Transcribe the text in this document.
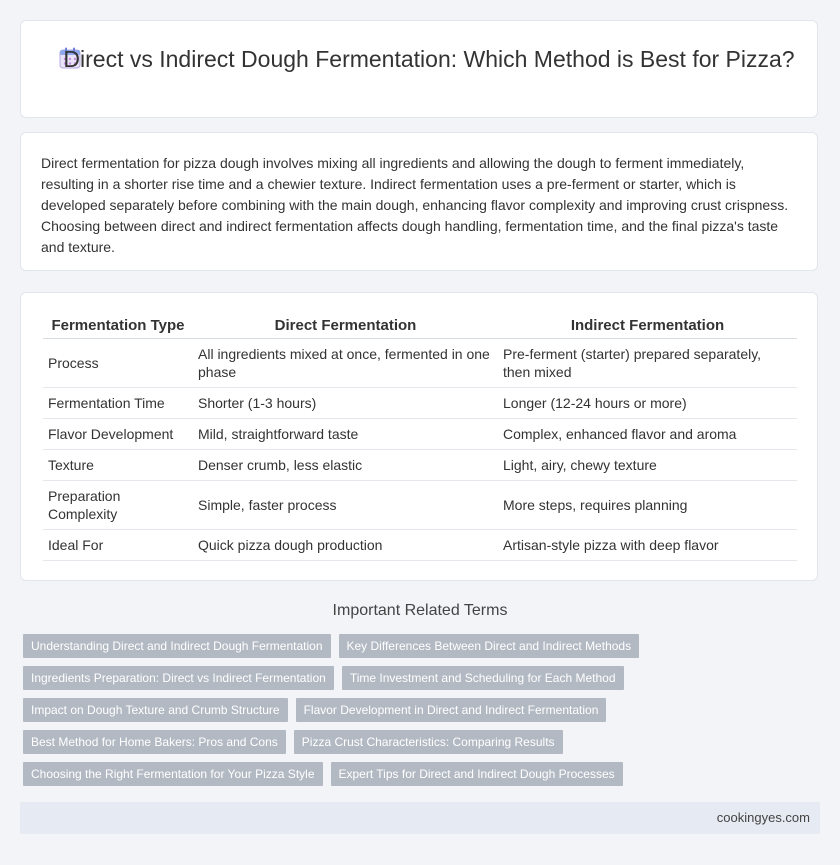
Direct vs Indirect Dough Fermentation: Which Method is Best for Pizza?

Direct fermentation for pizza dough involves mixing all ingredients and allowing the dough to ferment immediately, resulting in a shorter rise time and a chewier texture. Indirect fermentation uses a pre-ferment or starter, which is developed separately before combining with the main dough, enhancing flavor complexity and improving crust crispness. Choosing between direct and indirect fermentation affects dough handling, fermentation time, and the final pizza's taste and texture.

Fermentation Type	Direct Fermentation	Indirect Fermentation
Process	All ingredients mixed at once, fermented in one phase	Pre-ferment (starter) prepared separately, then mixed
Fermentation Time	Shorter (1-3 hours)	Longer (12-24 hours or more)
Flavor Development	Mild, straightforward taste	Complex, enhanced flavor and aroma
Texture	Denser crumb, less elastic	Light, airy, chewy texture
Preparation Complexity	Simple, faster process	More steps, requires planning
Ideal For	Quick pizza dough production	Artisan-style pizza with deep flavor
Important Related Terms
Understanding Direct and Indirect Dough Fermentation	Key Differences Between Direct and Indirect Methods
Ingredients Preparation: Direct vs Indirect Fermentation	Time Investment and Scheduling for Each Method
Impact on Dough Texture and Crumb Structure	Flavor Development in Direct and Indirect Fermentation
Best Method for Home Bakers: Pros and Cons	Pizza Crust Characteristics: Comparing Results
Choosing the Right Fermentation for Your Pizza Style	Expert Tips for Direct and Indirect Dough Processes
cookingyes.com
